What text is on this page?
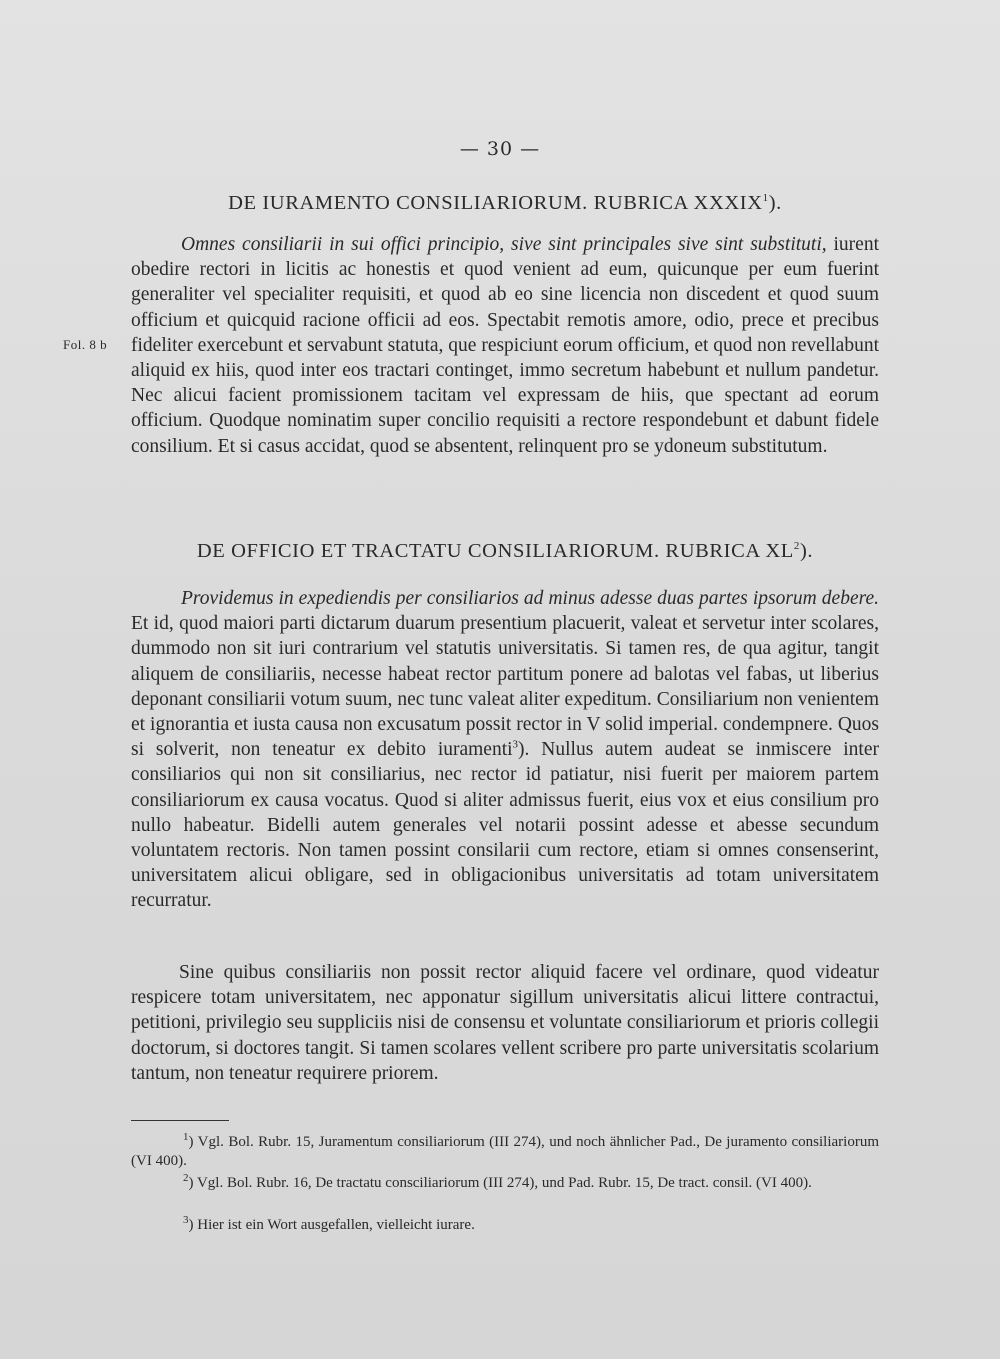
— 30 —
DE IURAMENTO CONSILIARIORUM. RUBRICA XXXIX$^1$).

Omnes consiliarii in sui offici principio, sive sint principales sive sint substituti, iurent obedire rectori in licitis ac honestis et quod venient ad eum, quicunque per eum fuerint generaliter vel specialiter requisiti, et quod ab eo sine licencia non discedent et quod suum officium et quicquid racione officii ad eos. Spectabit remotis amore, odio, prece et precibus fideliter exercebunt et servabunt statuta, que respiciunt eorum officium, et quod non revellabunt aliquid ex hiis, quod inter eos tractari continget, immo secretum habebunt et nullum pandetur. Nec alicui facient promissionem tacitam vel expressam de hiis, que spectant ad eorum officium. Quodque nominatim super concilio requisiti a rectore respondebunt et dabunt fidele consilium. Et si casus accidat, quod se absentent, relinquent pro se ydoneum substitutum.

Fol. 8 b
DE OFFICIO ET TRACTATU CONSILIARIORUM. RUBRICA $XL^2$).

Providemus in expediendis per consiliarios ad minus adesse duas partes ipsorum debere. Et id, quod maiori parti dictarum duarum presentium placuerit, valeat et servetur inter scolares, dummodo non sit iuri contrarium vel statutis universitatis. Si tamen res, de qua agitur, tangit aliquem de consiliariis, necesse habeat rector partitum ponere ad balotas vel fabas, ut liberius deponant consiliarii votum suum, nec tunc valeat aliter expeditum. Consiliarium non venientem et ignorantia et iusta causa non excusatum possit rector in V solid imperial. condempnere. Quos si solverit, non teneatur ex debito iuramenti$^3$). Nullus autem audeat se inmiscere inter consiliarios qui non sit consiliarius, nec rector id patiatur, nisi fuerit per maiorem partem consiliariorum ex causa vocatus. Quod si aliter admissus fuerit, eius vox et eius consilium pro nullo habeatur. Bidelli autem generales vel notarii possint adesse et abesse secundum voluntatem rectoris. Non tamen possint consilarii cum rectore, etiam si omnes consenserint, universitatem alicui obligare, sed in obligacionibus universitatis ad totam universitatem recurratur.

Sine quibus consiliariis non possit rector aliquid facere vel ordinare, quod videatur respicere totam universitatem, nec apponatur sigillum universitatis alicui littere contractui, petitioni, privilegio seu suppliciis nisi de consensu et voluntate consiliariorum et prioris collegii doctorum, si doctores tangit. Si tamen scolares vellent scribere pro parte universitatis scolarium tantum, non teneatur requirere priorem.

$^1$) Vgl. Bol. Rubr. 15, Juramentum consiliariorum (III 274), und noch ähnlicher Pad., De juramento consiliariorum (VI 400).

$^2$) Vgl. Bol. Rubr. 16, De tractatu consciliariorum (III 274), und Pad. Rubr. 15, De tract. consil. (VI 400).

$^3$) Hier ist ein Wort ausgefallen, vielleicht iurare.
